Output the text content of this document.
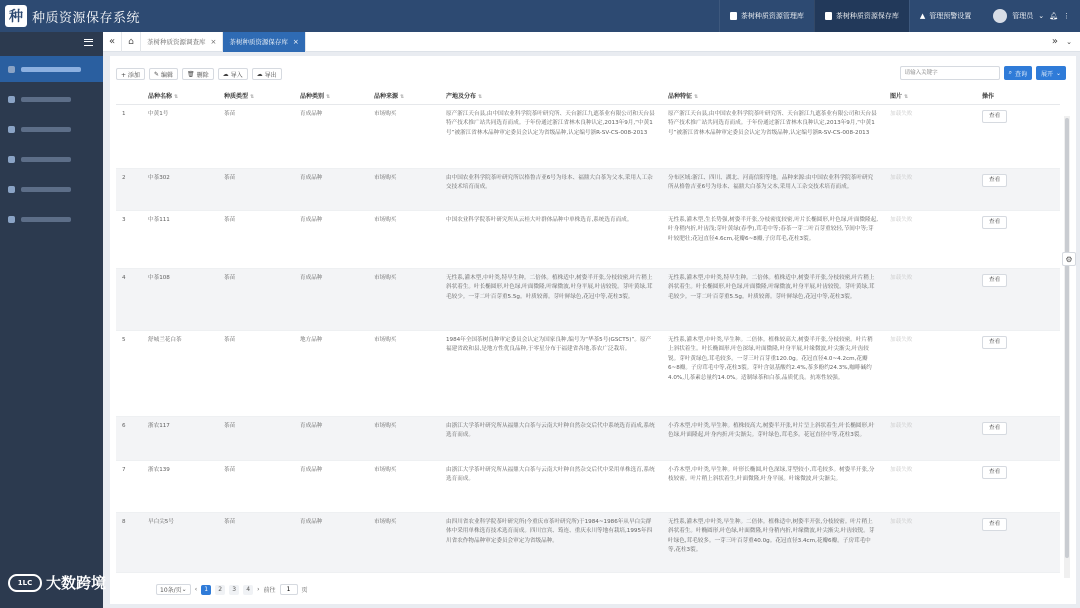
种 种质资源保存系统	茶树种质资源管理库	茶树种质资源保存库	▲ 管理预警设置	管理员 ⌄ 🔔︎ ⋮
«	⌂	茶树种质资源调查库 × 茶树种质资源保存库 ×	» ⌄
+ 添加	✎ 编辑 🗑︎ 删除 ☁ 导入 ☁ 导出
请输入关键字	⌕ 查询 展开 ⌄
	品种名称 ⇅	种质类型 ⇅	品种类别 ⇅	品种来源 ⇅	产地及分布 ⇅	品种特征 ⇅	图片 ⇅	操作

1	中黄1号	茶苗	育成品种	市场购买	原产浙江天台县,由中国农业科学院茶叶研究所、天台浙江九遮茶业有限公司和天台县特产技术推广站共同选育而成。于年份通过浙江省林木良种认定,2013年9月,“中黄1号”被浙江省林木品种审定委员会认定为省级品种,认定编号浙R-SV-CS-008-2013	原产浙江天台县,由中国农业科学院茶叶研究所、天台浙江九遮茶业有限公司和天台县特产技术推广站共同选育而成。于年份通过浙江省林木良种认定,2013年9月,“中黄1号”被浙江省林木品种审定委员会认定为省级品种,认定编号浙R-SV-CS-008-2013	加载失败	查看

2	中茶302	茶苗	育成品种	市场购买	由中国农业科学院茶叶研究所以格鲁吉亚6号为母本、福鼎大白茶为父本,采用人工杂交技术培育而成。	分布区域:浙江、四川、湖北、河南信阳等地。品种来源:由中国农业科学院茶叶研究所从格鲁吉亚6号为母本、福鼎大白茶为父本,采用人工杂交技术培育而成。	加载失败	查看

3	中茶111	茶苗	育成品种	市场购买	中国农业科学院茶叶研究所从云桂大叶群体品种中单株选育,系统选育而成。	无性系,灌木型,生长势强,树姿半开张,分枝密度较密,叶片长椭圆形,叶色绿,叶面微隆起,叶身稍内折,叶齿浅;芽叶黄绿(春季),茸毛中等;春茶一芽二叶百芽重较轻,节间中等;芽叶较肥壮;花冠直径4.6cm,花瓣6~8瓣,子房茸毛,花柱3裂。	加载失败	查看

4	中茶108	茶苗	育成品种	市场购买	无性系,灌木型,中叶类,特早生种。二倍体。植株适中,树姿半开张,分枝较密,叶片稍上斜状着生。叶长椭圆形,叶色绿,叶面微隆,叶缘微波,叶身平展,叶齿较锐。芽叶黄绿,茸毛较少。一芽二叶百芽重5.5g。叶质较薄。芽叶鲜绿色,花冠中等,花柱3裂。	无性系,灌木型,中叶类,特早生种。二倍体。植株适中,树姿半开张,分枝较密,叶片稍上斜状着生。叶长椭圆形,叶色绿,叶面微隆,叶缘微波,叶身平展,叶齿较锐。芽叶黄绿,茸毛较少。一芽二叶百芽重5.5g。叶质较薄。芽叶鲜绿色,花冠中等,花柱3裂。	加载失败	查看

5	舒城兰花白茶	茶苗	地方品种	市场购买	1984年全国茶树良种审定委员会认定为国家良种,编号为“华茶5号(GSCT5)”。原产福建省政和县,是地方性优良品种,于零星分布于福建省各地,茶农广泛栽培。	无性系,灌木型,中叶类,早生种。二倍体。植株较高大,树姿半开张,分枝较密。叶片稍上斜状着生。叶长椭圆形,叶色深绿,叶面微隆,叶身平展,叶缘微波,叶尖渐尖,叶齿较锐。芽叶黄绿色,茸毛较多。一芽三叶百芽重120.0g。花冠直径4.0~4.2cm,花瓣6~8瓣。子房茸毛中等,花柱3裂。芽叶含氨基酸约2.4%,茶多酚约24.3%,咖啡碱约4.0%,儿茶素总量约14.0%。适制绿茶和白茶,品质优良。抗寒性较强。	加载失败	查看

6	浙农117	茶苗	育成品种	市场购买	由浙江大学茶叶研究所从福鼎大白茶与云南大叶种自然杂交后代中系统选育而成,系统选育而成。	小乔木型,中叶类,早生种。植株较高大,树姿半开张,叶片呈上斜状着生,叶长椭圆形,叶色绿,叶面隆起,叶身内折,叶尖渐尖。芽叶绿色,茸毛多。花冠直径中等,花柱3裂。	加载失败	查看

7	浙农139	茶苗	育成品种	市场购买	由浙江大学茶叶研究所从福鼎大白茶与云南大叶种自然杂交后代中采用单株选育,系统选育而成。	小乔木型,中叶类,早生种。叶形长椭圆,叶色深绿,芽型较小,茸毛较多。树姿半开张,分枝较密。叶片稍上斜状着生,叶面微隆,叶身平展。叶缘微波,叶尖渐尖。	加载失败	查看

8	早白尖5号	茶苗	育成品种	市场购买	由四川省农业科学院茶叶研究所(今重庆市茶叶研究所)于1984~1986年从早白尖群体中采用单株选育技术选育而成。四川宜宾、筠连、重庆永川等地有栽培,1995年四川省农作物品种审定委员会审定为省级品种。	无性系,灌木型,中叶类,早生种。二倍体。植株适中,树姿半开张,分枝较密。叶片稍上斜状着生。叶椭圆形,叶色绿,叶面微隆,叶身稍内折,叶缘微波,叶尖渐尖,叶齿较锐。芽叶绿色,茸毛较多。一芽三叶百芽重40.0g。花冠直径3.4cm,花瓣6瓣。子房茸毛中等,花柱3裂。	加载失败	查看
10条/页 ⌄ ‹	1	2	3	4	› 前往
1	页
⚙
1LC 大数跨境
